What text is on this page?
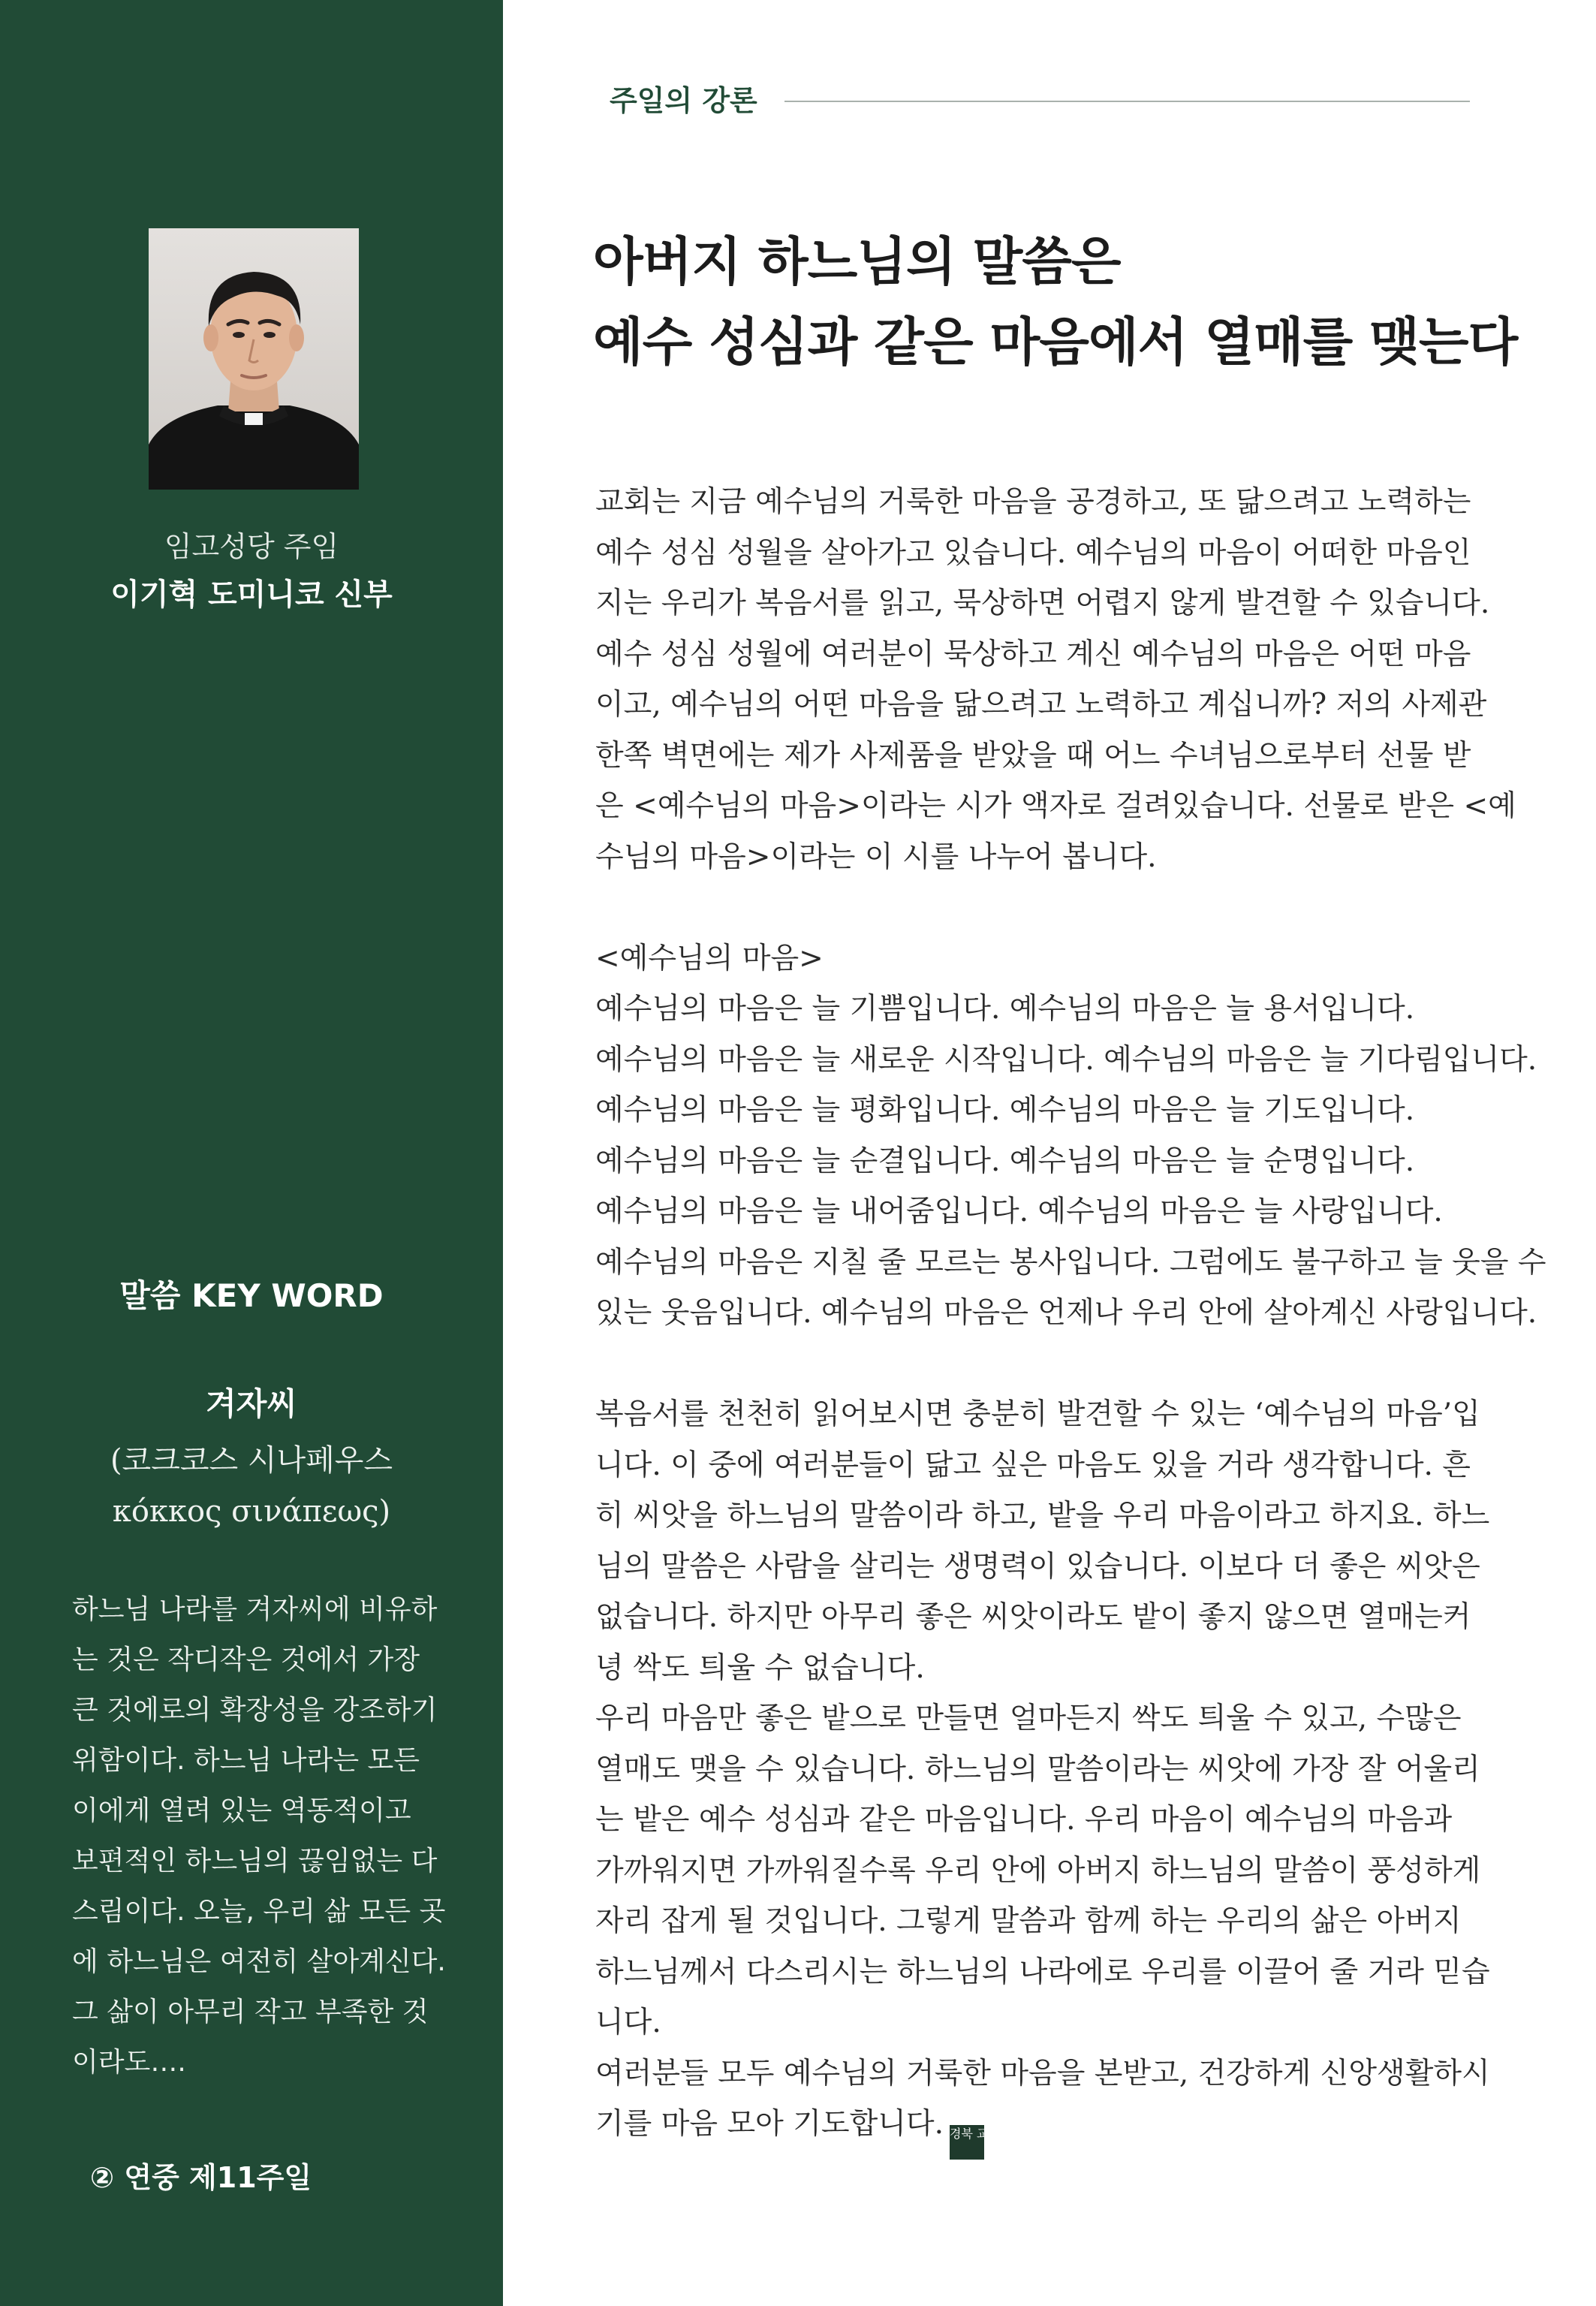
임고성당 주임
이기혁 도미니코 신부
말씀 KEY WORD
겨자씨
(코크코스 시나페우스
κόκκος σινάπεως)
하느님 나라를 겨자씨에 비유하
는 것은 작디작은 것에서 가장
큰 것에로의 확장성을 강조하기
위함이다. 하느님 나라는 모든
이에게 열려 있는 역동적이고
보편적인 하느님의 끊임없는 다
스림이다. 오늘, 우리 삶 모든 곳
에 하느님은 여전히 살아계신다.
그 삶이 아무리 작고 부족한 것
이라도….
② 연중 제11주일
주일의 강론
아버지 하느님의 말씀은
예수 성심과 같은 마음에서 열매를 맺는다
교회는 지금 예수님의 거룩한 마음을 공경하고, 또 닮으려고 노력하는
예수 성심 성월을 살아가고 있습니다. 예수님의 마음이 어떠한 마음인
지는 우리가 복음서를 읽고, 묵상하면 어렵지 않게 발견할 수 있습니다.
예수 성심 성월에 여러분이 묵상하고 계신 예수님의 마음은 어떤 마음
이고, 예수님의 어떤 마음을 닮으려고 노력하고 계십니까? 저의 사제관
한쪽 벽면에는 제가 사제품을 받았을 때 어느 수녀님으로부터 선물 받
은 <예수님의 마음>이라는 시가 액자로 걸려있습니다. 선물로 받은 <예
수님의 마음>이라는 이 시를 나누어 봅니다.
<예수님의 마음>
예수님의 마음은 늘 기쁨입니다. 예수님의 마음은 늘 용서입니다.
예수님의 마음은 늘 새로운 시작입니다. 예수님의 마음은 늘 기다림입니다.
예수님의 마음은 늘 평화입니다. 예수님의 마음은 늘 기도입니다.
예수님의 마음은 늘 순결입니다. 예수님의 마음은 늘 순명입니다.
예수님의 마음은 늘 내어줌입니다. 예수님의 마음은 늘 사랑입니다.
예수님의 마음은 지칠 줄 모르는 봉사입니다. 그럼에도 불구하고 늘 웃을 수
있는 웃음입니다. 예수님의 마음은 언제나 우리 안에 살아계신 사랑입니다.
복음서를 천천히 읽어보시면 충분히 발견할 수 있는 ‘예수님의 마음’입
니다. 이 중에 여러분들이 닮고 싶은 마음도 있을 거라 생각합니다. 흔
히 씨앗을 하느님의 말씀이라 하고, 밭을 우리 마음이라고 하지요. 하느
님의 말씀은 사람을 살리는 생명력이 있습니다. 이보다 더 좋은 씨앗은
없습니다. 하지만 아무리 좋은 씨앗이라도 밭이 좋지 않으면 열매는커
녕 싹도 틔울 수 없습니다.
우리 마음만 좋은 밭으로 만들면 얼마든지 싹도 틔울 수 있고, 수많은
열매도 맺을 수 있습니다. 하느님의 말씀이라는 씨앗에 가장 잘 어울리
는 밭은 예수 성심과 같은 마음입니다. 우리 마음이 예수님의 마음과
가까워지면 가까워질수록 우리 안에 아버지 하느님의 말씀이 풍성하게
자리 잡게 될 것입니다. 그렇게 말씀과 함께 하는 우리의 삶은 아버지
하느님께서 다스리시는 하느님의 나라에로 우리를 이끌어 줄 거라 믿습
니다.
여러분들 모두 예수님의 거룩한 마음을 본받고, 건강하게 신앙생활하시
기를 마음 모아 기도합니다. 경북 교구
